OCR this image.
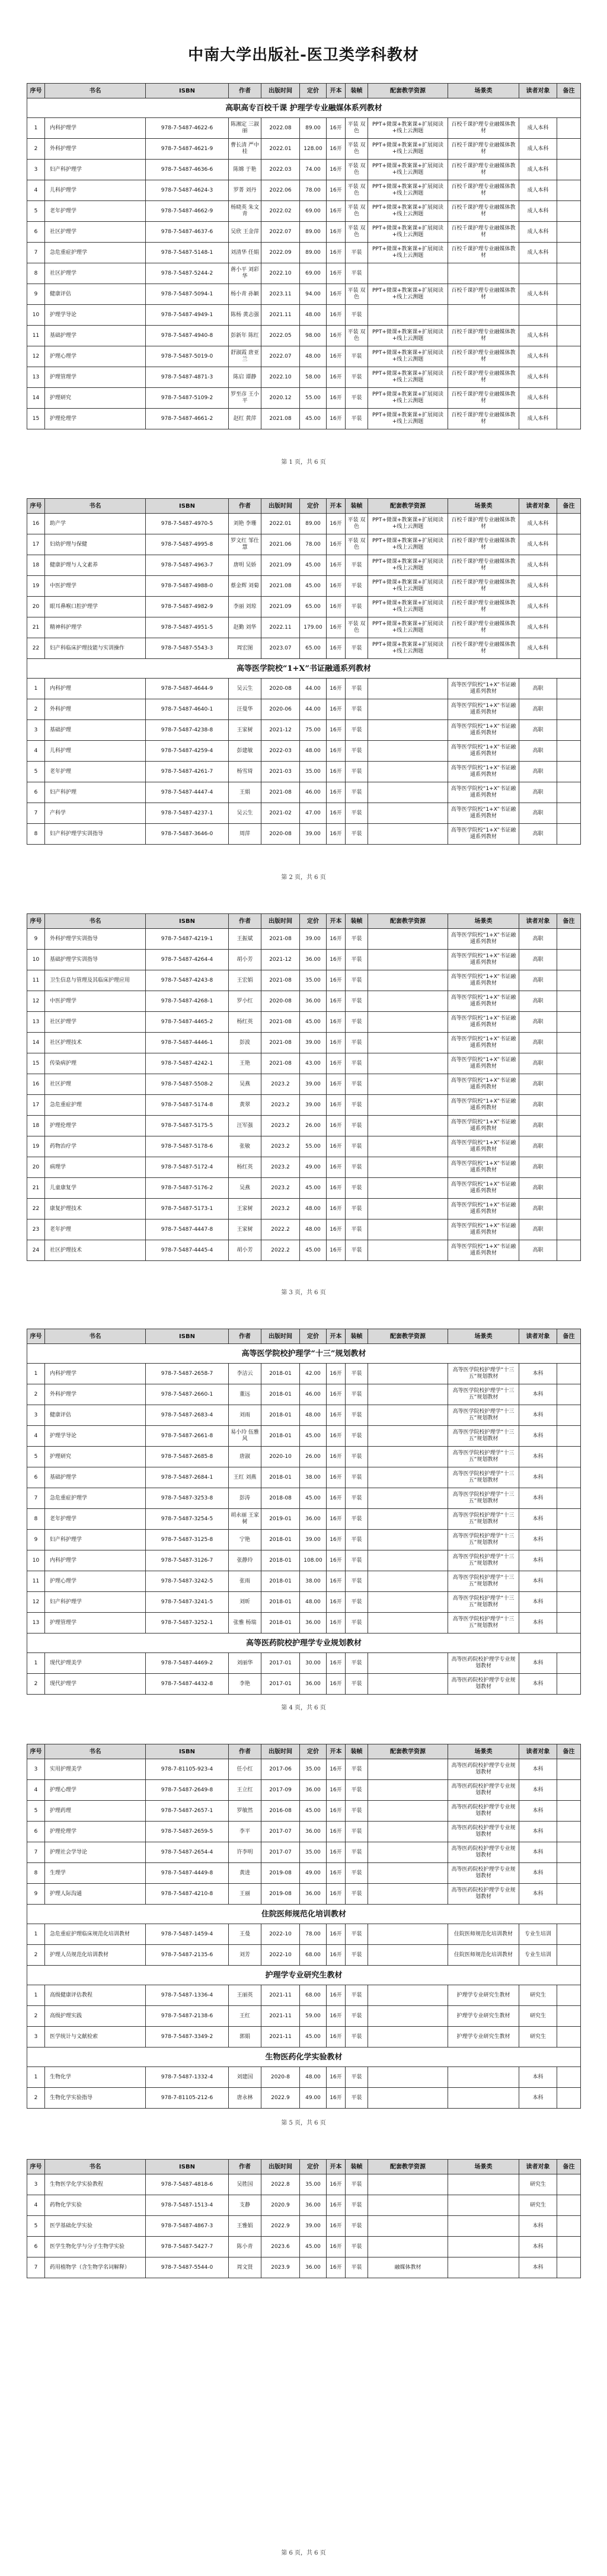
中南大学出版社-医卫类学科教材
序号	书名	ISBN	作者	出版时间	定价	开本	装帧	配套教学资源	场景类	读者对象	备注
高职高专百校千课 护理学专业融媒体系列教材											
1	内科护理学	978-7-5487-4622-6	陈湘定 三淑丽	2022.08	89.00	16开	平装 双色	PPT+微课+教案课+扩展阅读+线上云测题	百校千课护理专业融媒体教材	成人本科	
2	外科护理学	978-7-5487-4621-9	曹长清 严中桂	2022.01	128.00	16开	平装 双色	PPT+微课+教案课+扩展阅读+线上云测题	百校千课护理专业融媒体教材	成人本科	
3	妇产科护理学	978-7-5487-4636-6	陈嫦 于艳	2022.03	74.00	16开	平装 双色	PPT+微课+教案课+扩展阅读+线上云测题	百校千课护理专业融媒体教材	成人本科	
4	儿科护理学	978-7-5487-4624-3	罗菁 刘丹	2022.06	78.00	16开	平装 双色	PPT+微课+教案课+扩展阅读+线上云测题	百校千课护理专业融媒体教材	成人本科	
5	老年护理学	978-7-5487-4662-9	杨晓英 朱文青	2022.02	69.00	16开	平装 双色	PPT+微课+教案课+扩展阅读+线上云测题	百校千课护理专业融媒体教材	成人本科	
6	社区护理学	978-7-5487-4637-6	吴欣 王金萍	2022.07	89.00	16开	平装 双色	PPT+微课+教案课+扩展阅读+线上云测题	百校千课护理专业融媒体教材	成人本科	
7	急危重症护理学	978-7-5487-5148-1	刘清华 任娟	2022.09	89.00	16开	平装	PPT+微课+教案课+扩展阅读+线上云测题	百校千课护理专业融媒体教材	成人本科	
8	社区护理学	978-7-5487-5244-2	蒋小平 刘彩华	2022.10	69.00	16开	平装				
9	健康评估	978-7-5487-5094-1	杨小青 孙颖	2023.11	94.00	16开	平装 双色	PPT+微课+教案课+扩展阅读+线上云测题	百校千课护理专业融媒体教材	成人本科	
10	护理学导论	978-7-5487-4949-1	陈杨 黄志强	2021.11	48.00	16开	平装				
11	基础护理学	978-7-5487-4940-8	彭新年 陈红	2022.05	98.00	16开	平装 双色	PPT+微课+教案课+扩展阅读+线上云测题	百校千课护理专业融媒体教材	成人本科	
12	护理心理学	978-7-5487-5019-0	舒淑霞 唐亚兰	2022.07	48.00	16开	平装	PPT+微课+教案课+扩展阅读+线上云测题	百校千课护理专业融媒体教材	成人本科	
13	护理管理学	978-7-5487-4871-3	陈启 谭静	2022.10	58.00	16开	平装	PPT+微课+教案课+扩展阅读+线上云测题	百校千课护理专业融媒体教材	成人本科	
14	护理研究	978-7-5487-5109-2	罗至彦 王小平	2020.12	55.00	16开	平装	PPT+微课+教案课+扩展阅读+线上云测题	百校千课护理专业融媒体教材	成人本科	
15	护理伦理学	978-7-5487-4661-2	赵红 黄萍	2021.08	45.00	16开	平装	PPT+微课+教案课+扩展阅读+线上云测题	百校千课护理专业融媒体教材	成人本科	
第 1 页，共 6 页
序号	书名	ISBN	作者	出版时间	定价	开本	装帧	配套教学资源	场景类	读者对象	备注
16	助产学	978-7-5487-4970-5	刘艳 李珊	2022.01	89.00	16开	平装 双色	PPT+微课+教案课+扩展阅读+线上云测题	百校千课护理专业融媒体教材	成人本科	
17	妇幼护理与保健	978-7-5487-4995-8	罗文红 邹仕慧	2021.06	78.00	16开	平装 双色	PPT+微课+教案课+扩展阅读+线上云测题	百校千课护理专业融媒体教材	成人本科	
18	健康护理与人文素养	978-7-5487-4963-7	唐明 吴娇	2021.09	45.00	16开	平装	PPT+微课+教案课+扩展阅读+线上云测题	百校千课护理专业融媒体教材	成人本科	
19	中医护理学	978-7-5487-4988-0	蔡金辉 刘菊	2021.08	45.00	16开	平装	PPT+微课+教案课+扩展阅读+线上云测题	百校千课护理专业融媒体教材	成人本科	
20	眼耳鼻喉口腔护理学	978-7-5487-4982-9	李丽 刘琼	2021.09	65.00	16开	平装	PPT+微课+教案课+扩展阅读+线上云测题	百校千课护理专业融媒体教材	成人本科	
21	精神科护理学	978-7-5487-4951-5	赵勤 刘华	2022.11	179.00	16开	平装 双色	PPT+微课+教案课+扩展阅读+线上云测题	百校千课护理专业融媒体教材	成人本科	
22	妇产科临床护理技能与实训操作	978-7-5487-5543-3	周宏图	2023.07	65.00	16开	平装	PPT+微课+教案课+扩展阅读+线上云测题	百校千课护理专业融媒体教材	成人本科	
高等医学院校“1+X”书证融通系列教材											
1	内科护理	978-7-5487-4644-9	吴云生	2020-08	44.00	16开	平装		高等医学院校“1+X”书证融通系列教材	高职	
2	外科护理	978-7-5487-4640-1	汪曼华	2020-06	44.00	16开	平装		高等医学院校“1+X”书证融通系列教材	高职	
3	基础护理	978-7-5487-4238-8	王家树	2021-12	75.00	16开	平装		高等医学院校“1+X”书证融通系列教材	高职	
4	儿科护理	978-7-5487-4259-4	彭建敏	2022-03	48.00	16开	平装		高等医学院校“1+X”书证融通系列教材	高职	
5	老年护理	978-7-5487-4261-7	杨雪琦	2021-03	35.00	16开	平装		高等医学院校“1+X”书证融通系列教材	高职	
6	妇产科护理	978-7-5487-4447-4	王娟	2021-08	46.00	16开	平装		高等医学院校“1+X”书证融通系列教材	高职	
7	产科学	978-7-5487-4237-1	吴云生	2021-02	47.00	16开	平装		高等医学院校“1+X”书证融通系列教材	高职	
8	妇产科护理学实训指导	978-7-5487-3646-0	周萍	2020-08	39.00	16开	平装		高等医学院校“1+X”书证融通系列教材	高职	
第 2 页，共 6 页
序号	书名	ISBN	作者	出版时间	定价	开本	装帧	配套教学资源	场景类	读者对象	备注
9	外科护理学实训指导	978-7-5487-4219-1	王振斌	2021-08	39.00	16开	平装		高等医学院校“1+X”书证融通系列教材	高职	
10	基础护理学实训指导	978-7-5487-4264-4	胡小芳	2021-12	36.00	16开	平装		高等医学院校“1+X”书证融通系列教材	高职	
11	卫生信息与管理及其临床护理应用	978-7-5487-4243-8	王宏娟	2021-08	35.00	16开	平装		高等医学院校“1+X”书证融通系列教材	高职	
12	中医护理学	978-7-5487-4268-1	罗小红	2020-08	36.00	16开	平装		高等医学院校“1+X”书证融通系列教材	高职	
13	社区护理学	978-7-5487-4465-2	杨红英	2021-08	45.00	16开	平装		高等医学院校“1+X”书证融通系列教材	高职	
14	社区护理技术	978-7-5487-4446-1	彭波	2021-08	39.00	16开	平装		高等医学院校“1+X”书证融通系列教材	高职	
15	传染病护理	978-7-5487-4242-1	王艳	2021-08	43.00	16开	平装		高等医学院校“1+X”书证融通系列教材	高职	
16	社区护理	978-7-5487-5508-2	吴燕	2023.2	39.00	16开	平装		高等医学院校“1+X”书证融通系列教材	高职	
17	急危重症护理	978-7-5487-5174-8	黄翠	2023.2	39.00	16开	平装		高等医学院校“1+X”书证融通系列教材	高职	
18	护理伦理学	978-7-5487-5175-5	汪军强	2023.2	26.00	16开	平装		高等医学院校“1+X”书证融通系列教材	高职	
19	药物治疗学	978-7-5487-5178-6	张敏	2023.2	55.00	16开	平装		高等医学院校“1+X”书证融通系列教材	高职	
20	病理学	978-7-5487-5172-4	杨红英	2023.2	49.00	16开	平装		高等医学院校“1+X”书证融通系列教材	高职	
21	儿童康复学	978-7-5487-5176-2	吴燕	2023.2	45.00	16开	平装		高等医学院校“1+X”书证融通系列教材	高职	
22	康复护理技术	978-7-5487-5173-1	王家树	2023.2	48.00	16开	平装		高等医学院校“1+X”书证融通系列教材	高职	
23	老年护理	978-7-5487-4447-8	王家树	2022.2	48.00	16开	平装		高等医学院校“1+X”书证融通系列教材	高职	
24	社区护理技术	978-7-5487-4445-4	胡小芳	2022.2	45.00	16开	平装		高等医学院校“1+X”书证融通系列教材	高职	
第 3 页，共 6 页
序号	书名	ISBN	作者	出版时间	定价	开本	装帧	配套教学资源	场景类	读者对象	备注
高等医学院校护理学“十三”规划教材											
1	内科护理学	978-7-5487-2658-7	李洁云	2018-01	42.00	16开	平装		高等医学院校护理学“十三五”规划教材	本科	
2	外科护理学	978-7-5487-2660-1	董远	2018-01	46.00	16开	平装		高等医学院校护理学“十三五”规划教材	本科	
3	健康评估	978-7-5487-2683-4	刘雨	2018-01	48.00	16开	平装		高等医学院校护理学“十三五”规划教材	本科	
4	护理学导论	978-7-5487-2661-8	易小玲 伍雅风	2018-01	45.00	16开	平装		高等医学院校护理学“十三五”规划教材	本科	
5	护理研究	978-7-5487-2685-8	唐淑	2020-10	26.00	16开	平装		高等医学院校护理学“十三五”规划教材	本科	
6	基础护理学	978-7-5487-2684-1	王红 刘燕	2018-01	38.00	16开	平装		高等医学院校护理学“十三五”规划教材	本科	
7	急危重症护理学	978-7-5487-3253-8	彭涛	2018-08	45.00	16开	平装		高等医学院校护理学“十三五”规划教材	本科	
8	老年护理学	978-7-5487-3254-5	胡永丽 王家树	2019-01	36.00	16开	平装		高等医学院校护理学“十三五”规划教材	本科	
9	妇产科护理学	978-7-5487-3125-8	宁艳	2018-01	39.00	16开	平装		高等医学院校护理学“十三五”规划教材	本科	
10	内科护理学	978-7-5487-3126-7	张静玲	2018-01	108.00	16开	平装		高等医学院校护理学“十三五”规划教材	本科	
11	护理心理学	978-7-5487-3242-5	张雨	2018-01	38.00	16开	平装		高等医学院校护理学“十三五”规划教材	本科	
12	妇产科护理学	978-7-5487-3241-5	刘昕	2018-01	48.00	16开	平装		高等医学院校护理学“十三五”规划教材	本科	
13	护理管理学	978-7-5487-3252-1	张雅 杨瑞	2018-01	36.00	16开	平装		高等医学院校护理学“十三五”规划教材	本科	
高等医药院校护理学专业规划教材											
1	现代护理美学	978-7-5487-4469-2	刘丽华	2017-01	30.00	16开	平装		高等医药院校护理学专业规划教材	本科	
2	现代护理学	978-7-5487-4432-8	李艳	2017-01	36.00	16开	平装		高等医药院校护理学专业规划教材	本科	
第 4 页，共 6 页
序号	书名	ISBN	作者	出版时间	定价	开本	装帧	配套教学资源	场景类	读者对象	备注
3	实用护理美学	978-7-81105-923-4	任小红	2017-06	35.00	16开	平装		高等医药院校护理学专业规划教材	本科	
4	护理心理学	978-7-5487-2649-8	王立红	2017-09	36.00	16开	平装		高等医药院校护理学专业规划教材	本科	
5	护理药理	978-7-5487-2657-1	罗敏然	2016-08	45.00	16开	平装		高等医药院校护理学专业规划教材	本科	
6	护理伦理学	978-7-5487-2659-5	李平	2017-07	36.00	16开	平装		高等医药院校护理学专业规划教材	本科	
7	护理社会学导论	978-7-5487-2654-4	许李明	2017-07	35.00	16开	平装		高等医药院校护理学专业规划教材	本科	
8	生理学	978-7-5487-4449-8	黄进	2019-08	49.00	16开	平装		高等医药院校护理学专业规划教材	本科	
9	护理人际沟通	978-7-5487-4210-8	王丽	2019-08	36.00	16开	平装		高等医药院校护理学专业规划教材	本科	
住院医师规范化培训教材											
1	急危重症护理临床规范化培训教材	978-7-5487-1459-4	王曼	2022-10	78.00	16开	平装		住院医师规范化培训教材	专业生培训	
2	护理人员规范化培训教材	978-7-5487-2135-6	刘芳	2022-10	68.00	16开	平装		住院医师规范化培训教材	专业生培训	
护理学专业研究生教材											
1	高级健康评估教程	978-7-5487-1336-4	王丽英	2021-11	68.00	16开	平装		护理学专业研究生教材	研究生	
2	高级护理实践	978-7-5487-2138-6	王红	2021-11	59.00	16开	平装		护理学专业研究生教材	研究生	
3	医学统计与文献检索	978-7-5487-3349-2	郭娟	2021-11	45.00	16开	平装		护理学专业研究生教材	研究生	
生物医药化学实验教材											
1	生物化学	978-7-5487-1332-4	刘建国	2020-8	48.00	16开	平装			本科	
2	生物化学实验指导	978-7-81105-212-6	唐永林	2022.9	49.00	16开	平装			本科	
第 5 页，共 6 页
序号	书名	ISBN	作者	出版时间	定价	开本	装帧	配套教学资源	场景类	读者对象	备注
3	生物医学化学实验教程	978-7-5487-4818-6	吴胜国	2022.8	35.00	16开	平装			研究生	
4	药物化学实验	978-7-5487-1513-4	支静	2020.9	36.00	16开	平装			研究生	
5	医学基础化学实验	978-7-5487-4867-3	王雅娟	2022.9	39.00	16开	平装			本科	
6	医学生物化学与分子生物学实验	978-7-5487-5427-7	陈小青	2023.6	45.00	16开	平装			本科	
7	药用植物学（含生物学名词解释）	978-7-5487-5544-0	周文贤	2023.9	36.00	16开	平装	融媒体教材		本科	
第 6 页，共 6 页
